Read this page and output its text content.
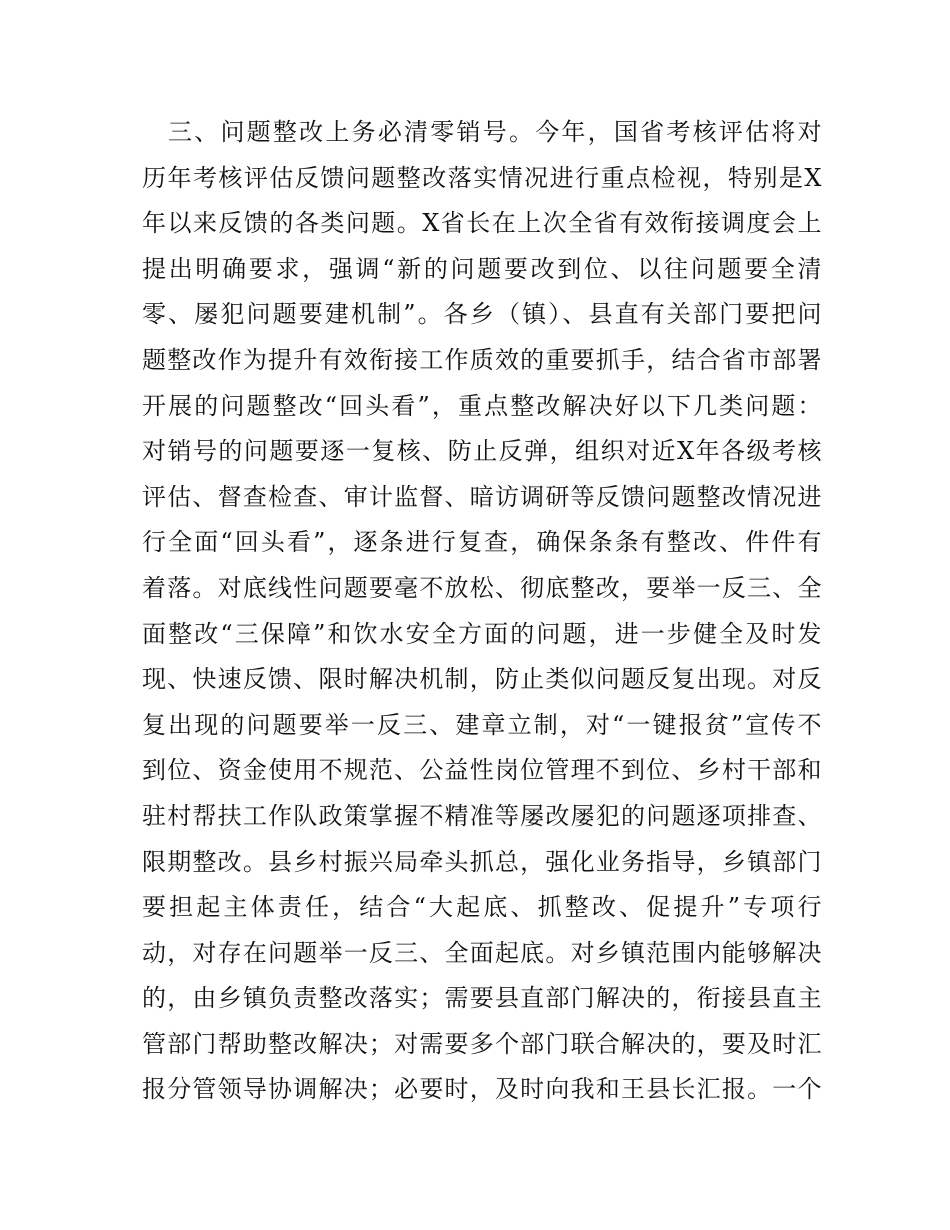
三、问题整改上务必清零销号。今年，国省考核评估将对
历年考核评估反馈问题整改落实情况进行重点检视，特别是X
年以来反馈的各类问题。X省长在上次全省有效衔接调度会上
提出明确要求，强调“新的问题要改到位、以往问题要全清
零、屡犯问题要建机制”。各乡（镇）、县直有关部门要把问
题整改作为提升有效衔接工作质效的重要抓手，结合省市部署
开展的问题整改“回头看”，重点整改解决好以下几类问题：
对销号的问题要逐一复核、防止反弹，组织对近X年各级考核
评估、督查检查、审计监督、暗访调研等反馈问题整改情况进
行全面“回头看”，逐条进行复查，确保条条有整改、件件有
着落。对底线性问题要毫不放松、彻底整改，要举一反三、全
面整改“三保障”和饮水安全方面的问题，进一步健全及时发
现、快速反馈、限时解决机制，防止类似问题反复出现。对反
复出现的问题要举一反三、建章立制，对“一键报贫”宣传不
到位、资金使用不规范、公益性岗位管理不到位、乡村干部和
驻村帮扶工作队政策掌握不精准等屡改屡犯的问题逐项排查、
限期整改。县乡村振兴局牵头抓总，强化业务指导，乡镇部门
要担起主体责任，结合“大起底、抓整改、促提升”专项行
动，对存在问题举一反三、全面起底。对乡镇范围内能够解决
的，由乡镇负责整改落实；需要县直部门解决的，衔接县直主
管部门帮助整改解决；对需要多个部门联合解决的，要及时汇
报分管领导协调解决；必要时，及时向我和王县长汇报。一个
